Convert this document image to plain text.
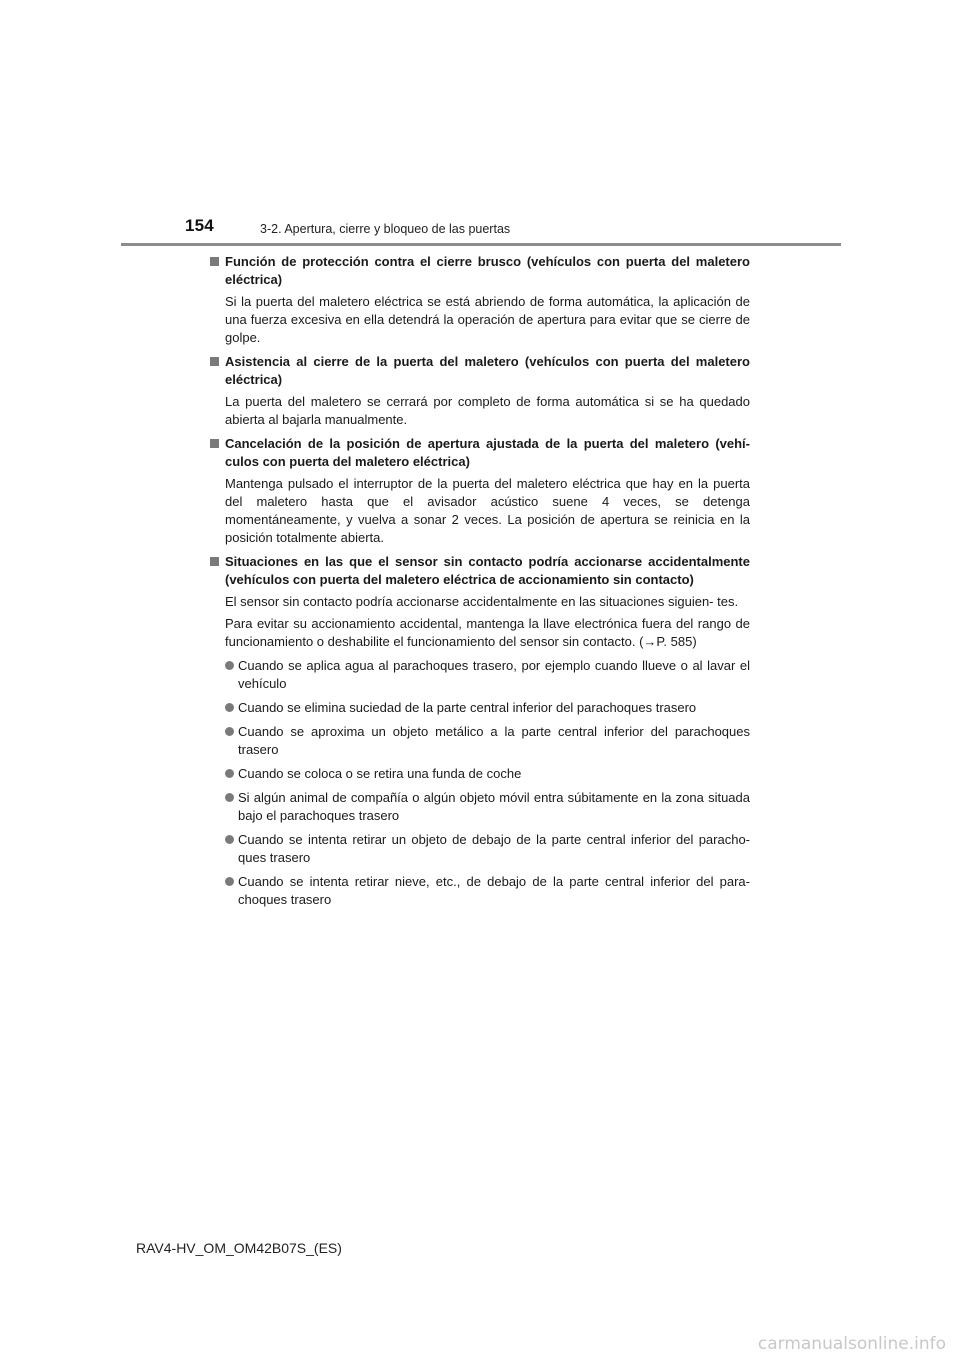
154	3-2. Apertura, cierre y bloqueo de las puertas
Función de protección contra el cierre brusco (vehículos con puerta del maletero eléctrica)
Si la puerta del maletero eléctrica se está abriendo de forma automática, la aplicación de una fuerza excesiva en ella detendrá la operación de apertura para evitar que se cierre de golpe.
Asistencia al cierre de la puerta del maletero (vehículos con puerta del maletero eléctrica)
La puerta del maletero se cerrará por completo de forma automática si se ha quedado abierta al bajarla manualmente.
Cancelación de la posición de apertura ajustada de la puerta del maletero (vehí- culos con puerta del maletero eléctrica)
Mantenga pulsado el interruptor de la puerta del maletero eléctrica que hay en la puerta del maletero hasta que el avisador acústico suene 4 veces, se detenga momentáneamente, y vuelva a sonar 2 veces. La posición de apertura se reinicia en la posición totalmente abierta.
Situaciones en las que el sensor sin contacto podría accionarse accidentalmente (vehículos con puerta del maletero eléctrica de accionamiento sin contacto)
El sensor sin contacto podría accionarse accidentalmente en las situaciones siguien- tes.
Para evitar su accionamiento accidental, mantenga la llave electrónica fuera del rango de funcionamiento o deshabilite el funcionamiento del sensor sin contacto. (→P. 585)
Cuando se aplica agua al parachoques trasero, por ejemplo cuando llueve o al lavar el vehículo
Cuando se elimina suciedad de la parte central inferior del parachoques trasero
Cuando se aproxima un objeto metálico a la parte central inferior del parachoques trasero
Cuando se coloca o se retira una funda de coche
Si algún animal de compañía o algún objeto móvil entra súbitamente en la zona situada bajo el parachoques trasero
Cuando se intenta retirar un objeto de debajo de la parte central inferior del paracho- ques trasero
Cuando se intenta retirar nieve, etc., de debajo de la parte central inferior del para- choques trasero
RAV4-HV_OM_OM42B07S_(ES)
carmanualsonline.info
